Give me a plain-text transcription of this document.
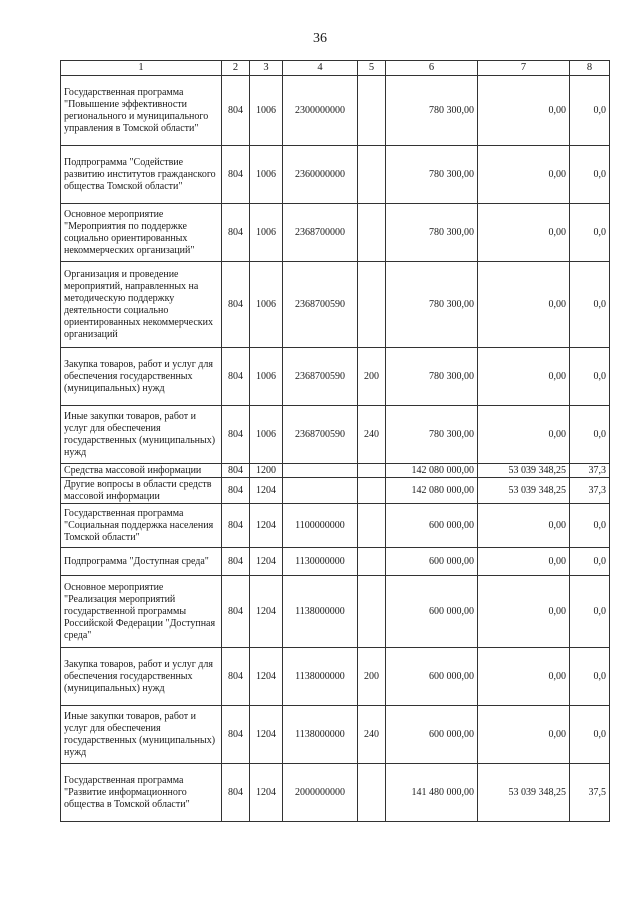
36
1	2	3	4	5	6	7	8
Государственная программа "Повышение эффективности регионального и муниципального управления в Томской области"	804	1006	2300000000		780 300,00	0,00	0,0
Подпрограмма "Содействие развитию институтов гражданского общества Томской области"	804	1006	2360000000		780 300,00	0,00	0,0
Основное мероприятие "Мероприятия по поддержке социально ориентированных некоммерческих организаций"	804	1006	2368700000		780 300,00	0,00	0,0
Организация и проведение мероприятий, направленных на методическую поддержку деятельности социально ориентированных некоммерческих организаций	804	1006	2368700590		780 300,00	0,00	0,0
Закупка товаров, работ и услуг для обеспечения государственных (муниципальных) нужд	804	1006	2368700590	200	780 300,00	0,00	0,0
Иные закупки товаров, работ и услуг для обеспечения государственных (муниципальных) нужд	804	1006	2368700590	240	780 300,00	0,00	0,0
Средства массовой информации	804	1200			142 080 000,00	53 039 348,25	37,3
Другие вопросы в области средств массовой информации	804	1204			142 080 000,00	53 039 348,25	37,3
Государственная программа "Социальная поддержка населения Томской области"	804	1204	1100000000		600 000,00	0,00	0,0
Подпрограмма "Доступная среда"	804	1204	1130000000		600 000,00	0,00	0,0
Основное мероприятие "Реализация мероприятий государственной программы Российской Федерации "Доступная среда"	804	1204	1138000000		600 000,00	0,00	0,0
Закупка товаров, работ и услуг для обеспечения государственных (муниципальных) нужд	804	1204	1138000000	200	600 000,00	0,00	0,0
Иные закупки товаров, работ и услуг для обеспечения государственных (муниципальных) нужд	804	1204	1138000000	240	600 000,00	0,00	0,0
Государственная программа "Развитие информационного общества в Томской области"	804	1204	2000000000		141 480 000,00	53 039 348,25	37,5
